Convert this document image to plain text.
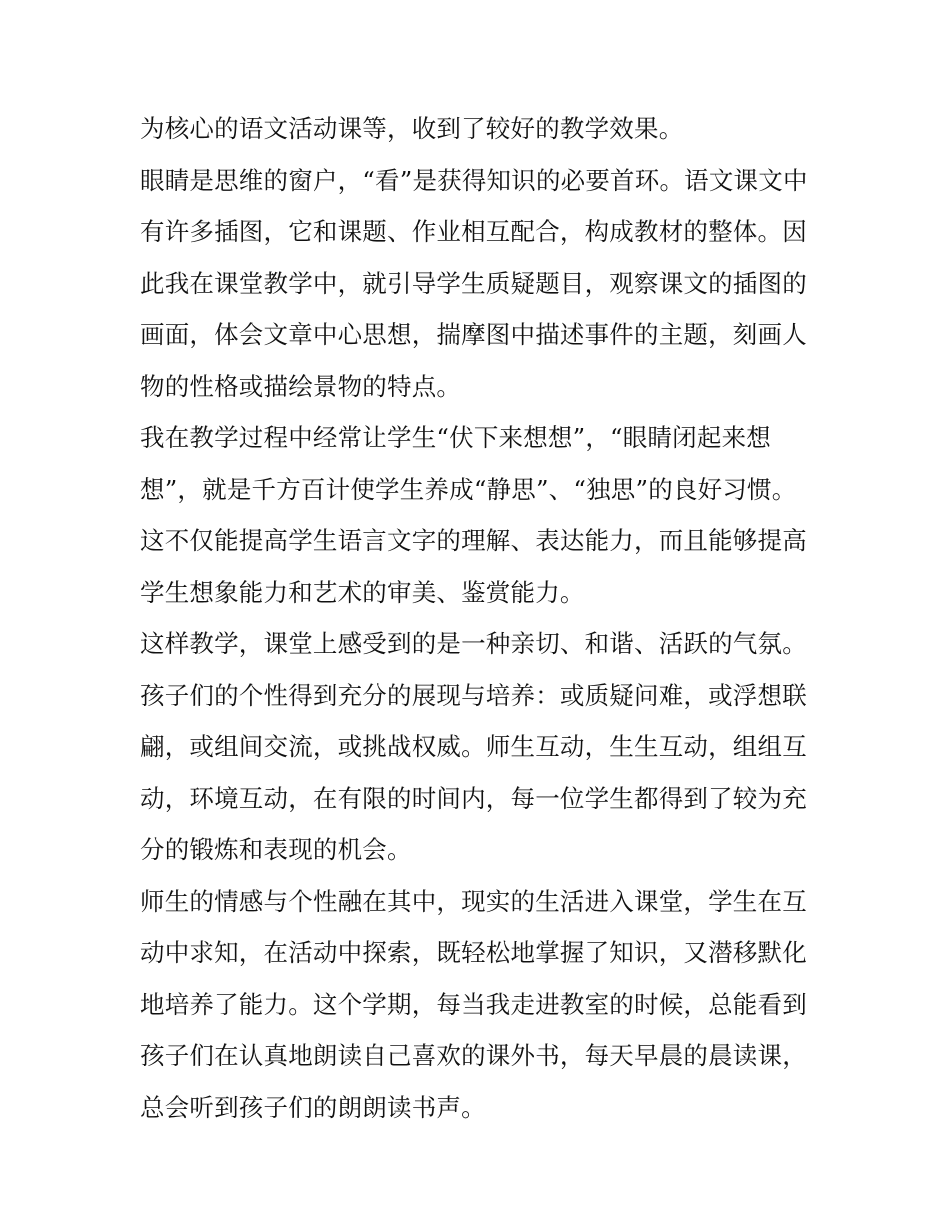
为核心的语文活动课等，收到了较好的教学效果。
眼睛是思维的窗户，“看”是获得知识的必要首环。语文课文中
有许多插图，它和课题、作业相互配合，构成教材的整体。因
此我在课堂教学中，就引导学生质疑题目，观察课文的插图的
画面，体会文章中心思想，揣摩图中描述事件的主题，刻画人
物的性格或描绘景物的特点。
我在教学过程中经常让学生“伏下来想想”，“眼睛闭起来想
想”，就是千方百计使学生养成“静思”、“独思”的良好习惯。
这不仅能提高学生语言文字的理解、表达能力，而且能够提高
学生想象能力和艺术的审美、鉴赏能力。
这样教学，课堂上感受到的是一种亲切、和谐、活跃的气氛。
孩子们的个性得到充分的展现与培养：或质疑问难，或浮想联
翩，或组间交流，或挑战权威。师生互动，生生互动，组组互
动，环境互动，在有限的时间内，每一位学生都得到了较为充
分的锻炼和表现的机会。
师生的情感与个性融在其中，现实的生活进入课堂，学生在互
动中求知，在活动中探索，既轻松地掌握了知识，又潜移默化
地培养了能力。这个学期，每当我走进教室的时候，总能看到
孩子们在认真地朗读自己喜欢的课外书，每天早晨的晨读课，
总会听到孩子们的朗朗读书声。
